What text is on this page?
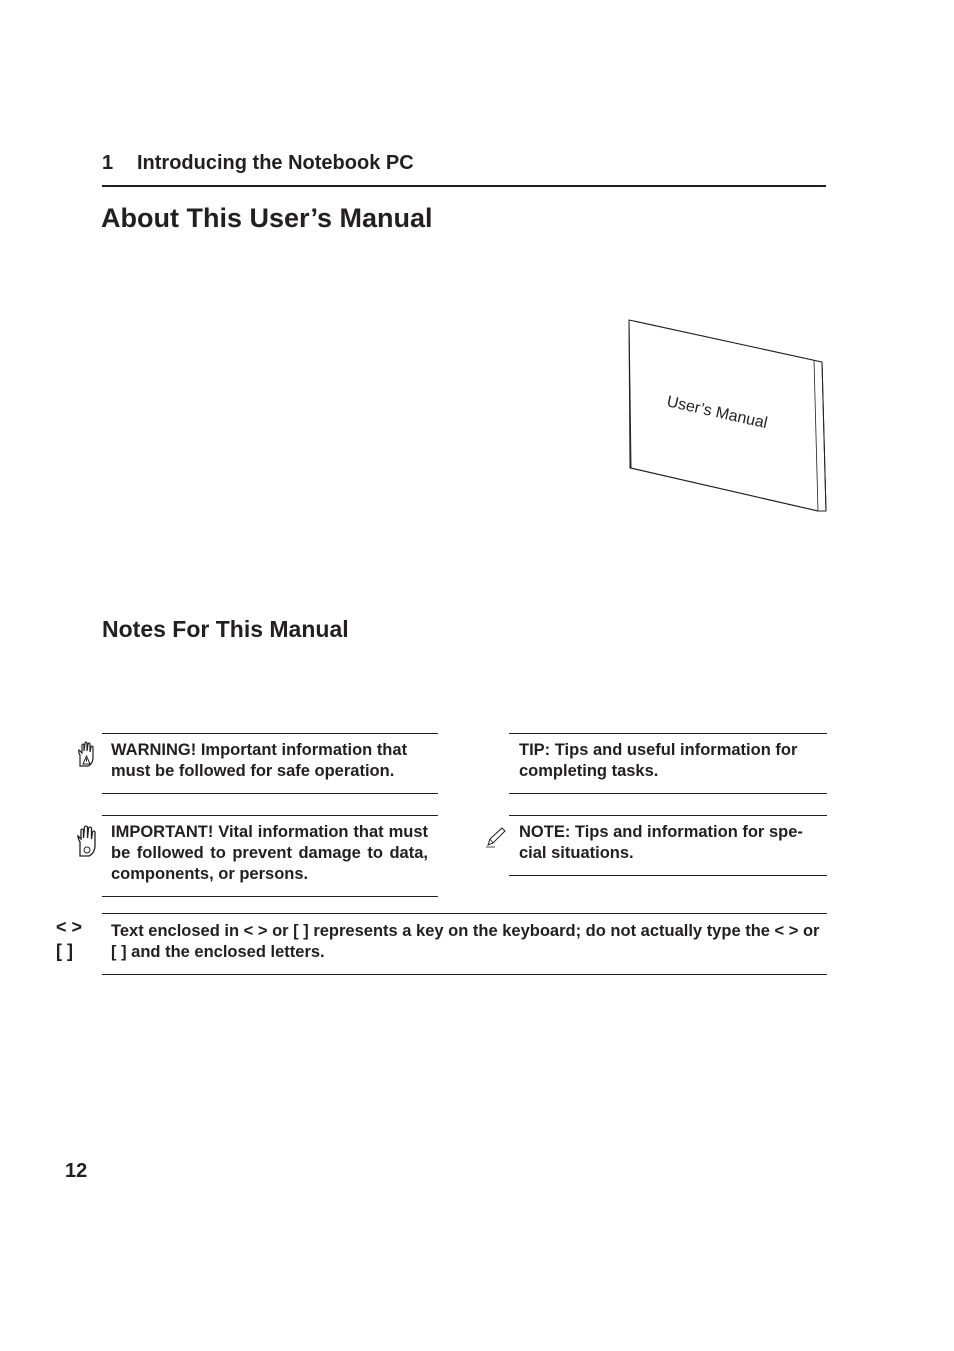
1 Introducing the Notebook PC
About This User’s Manual
User’s Manual
Notes For This Manual
WARNING! Important information that must be followed for safe operation.
TIP: Tips and useful information for completing tasks.
IMPORTANT! Vital information that must be followed to prevent damage to data, components, or persons.
NOTE: Tips and information for spe-cial situations.
< >
[ ]
Text enclosed in < > or [ ] represents a key on the keyboard; do not actually type the < > or [ ] and the enclosed letters.
12
